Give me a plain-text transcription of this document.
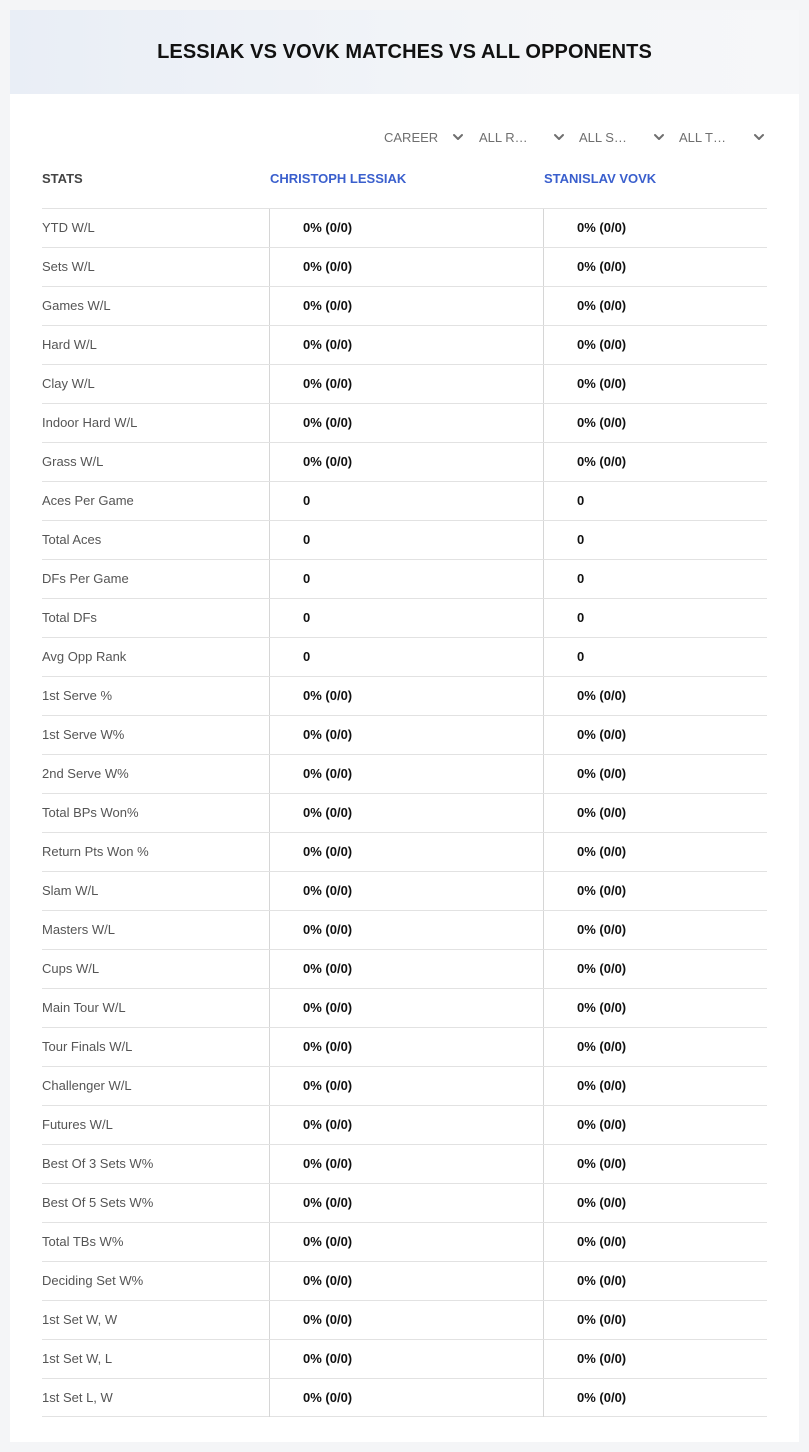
LESSIAK VS VOVK MATCHES VS ALL OPPONENTS
CAREER	ALL R…	ALL S…	ALL T…
STATS	CHRISTOPH LESSIAK	STANISLAV VOVK
YTD W/L	0% (0/0)	0% (0/0)
Sets W/L	0% (0/0)	0% (0/0)
Games W/L	0% (0/0)	0% (0/0)
Hard W/L	0% (0/0)	0% (0/0)
Clay W/L	0% (0/0)	0% (0/0)
Indoor Hard W/L	0% (0/0)	0% (0/0)
Grass W/L	0% (0/0)	0% (0/0)
Aces Per Game	0	0
Total Aces	0	0
DFs Per Game	0	0
Total DFs	0	0
Avg Opp Rank	0	0
1st Serve %	0% (0/0)	0% (0/0)
1st Serve W%	0% (0/0)	0% (0/0)
2nd Serve W%	0% (0/0)	0% (0/0)
Total BPs Won%	0% (0/0)	0% (0/0)
Return Pts Won %	0% (0/0)	0% (0/0)
Slam W/L	0% (0/0)	0% (0/0)
Masters W/L	0% (0/0)	0% (0/0)
Cups W/L	0% (0/0)	0% (0/0)
Main Tour W/L	0% (0/0)	0% (0/0)
Tour Finals W/L	0% (0/0)	0% (0/0)
Challenger W/L	0% (0/0)	0% (0/0)
Futures W/L	0% (0/0)	0% (0/0)
Best Of 3 Sets W%	0% (0/0)	0% (0/0)
Best Of 5 Sets W%	0% (0/0)	0% (0/0)
Total TBs W%	0% (0/0)	0% (0/0)
Deciding Set W%	0% (0/0)	0% (0/0)
1st Set W, W	0% (0/0)	0% (0/0)
1st Set W, L	0% (0/0)	0% (0/0)
1st Set L, W	0% (0/0)	0% (0/0)
